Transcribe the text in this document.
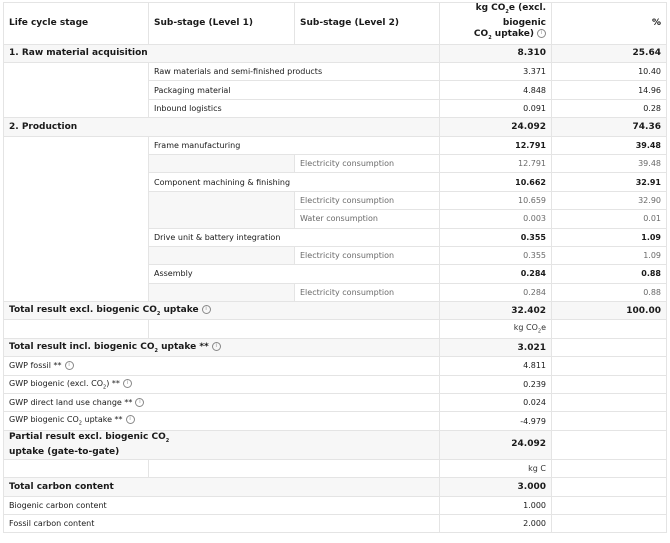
Life cycle stage	Sub-stage (Level 1)	Sub-stage (Level 2)	kg $CO_2e$ (excl. biogenic
$CO_2$ uptake) i	%
1. Raw material acquisition			8.310	25.64
	Raw materials and semi-finished products		3.371	10.40
	Packaging material		4.848	14.96
	Inbound logistics		0.091	0.28
2. Production			24.092	74.36
	Frame manufacturing		12.791	39.48
		Electricity consumption	12.791	39.48
	Component machining & finishing		10.662	32.91
		Electricity consumption	10.659	32.90
		Water consumption	0.003	0.01
	Drive unit & battery integration		0.355	1.09
		Electricity consumption	0.355	1.09
	Assembly		0.284	0.88
		Electricity consumption	0.284	0.88
Total result excl. biogenic $CO_2$ uptake i			32.402	100.00
			kg $CO_2e$	
Total result incl. biogenic $CO_2$ uptake ** i			3.021	
GWP fossil ** i			4.811	
GWP biogenic (excl. $CO_2$) ** i			0.239	
GWP direct land use change ** i			0.024	
GWP biogenic $CO_2$ uptake ** i			-4.979	
Partial result excl. biogenic $CO_2$
uptake (gate-to-gate)			24.092	
			kg C	
Total carbon content			3.000	
Biogenic carbon content			1.000	
Fossil carbon content			2.000	
